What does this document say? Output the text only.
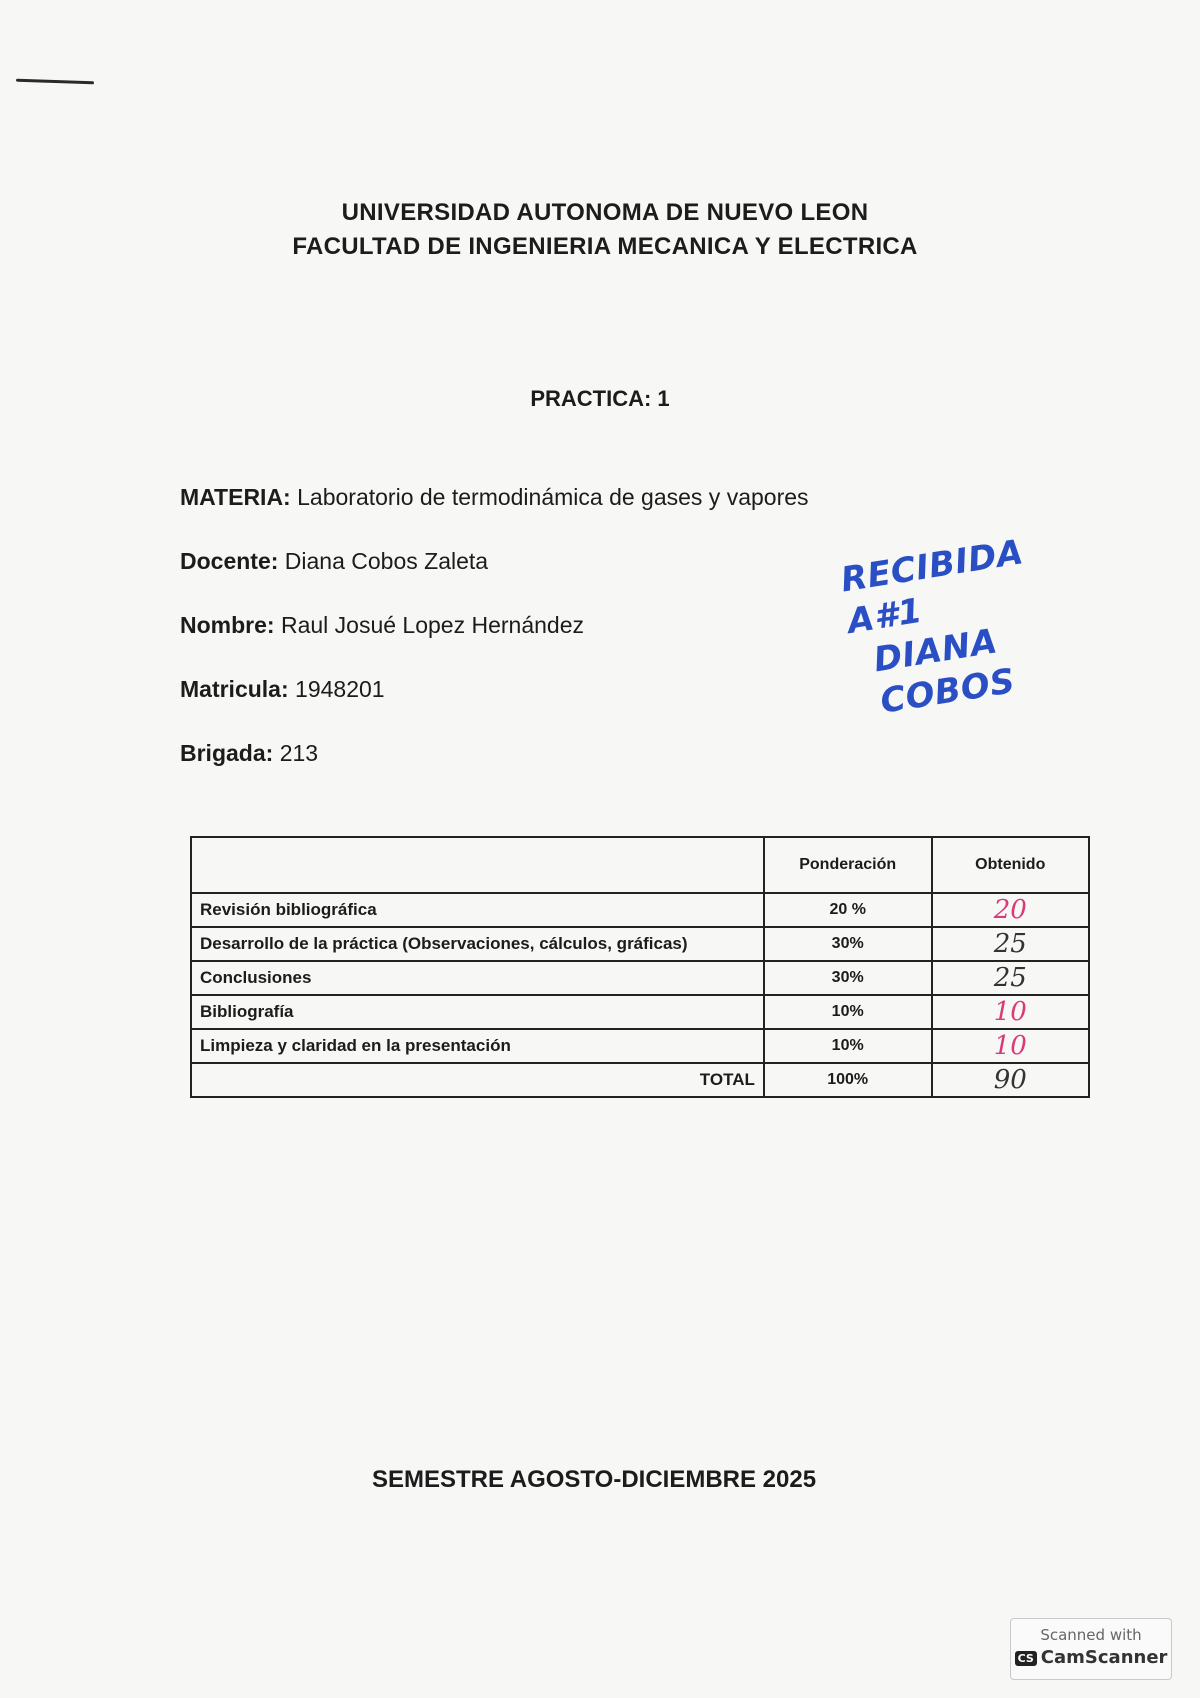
UNIVERSIDAD AUTONOMA DE NUEVO LEON
FACULTAD DE INGENIERIA MECANICA Y ELECTRICA
PRACTICA: 1
MATERIA: Laboratorio de termodinámica de gases y vapores
Docente: Diana Cobos Zaleta
Nombre: Raul Josué Lopez Hernández
Matricula: 1948201
Brigada: 213
RECIBIDA A#1
DIANA COBOS
	Ponderación	Obtenido
Revisión bibliográfica	20 %	20
Desarrollo de la práctica (Observaciones, cálculos, gráficas)	30%	25
Conclusiones	30%	25
Bibliografía	10%	10
Limpieza y claridad en la presentación	10%	10
TOTAL	100%	90
SEMESTRE AGOSTO-DICIEMBRE 2025
Scanned with
CS CamScanner
